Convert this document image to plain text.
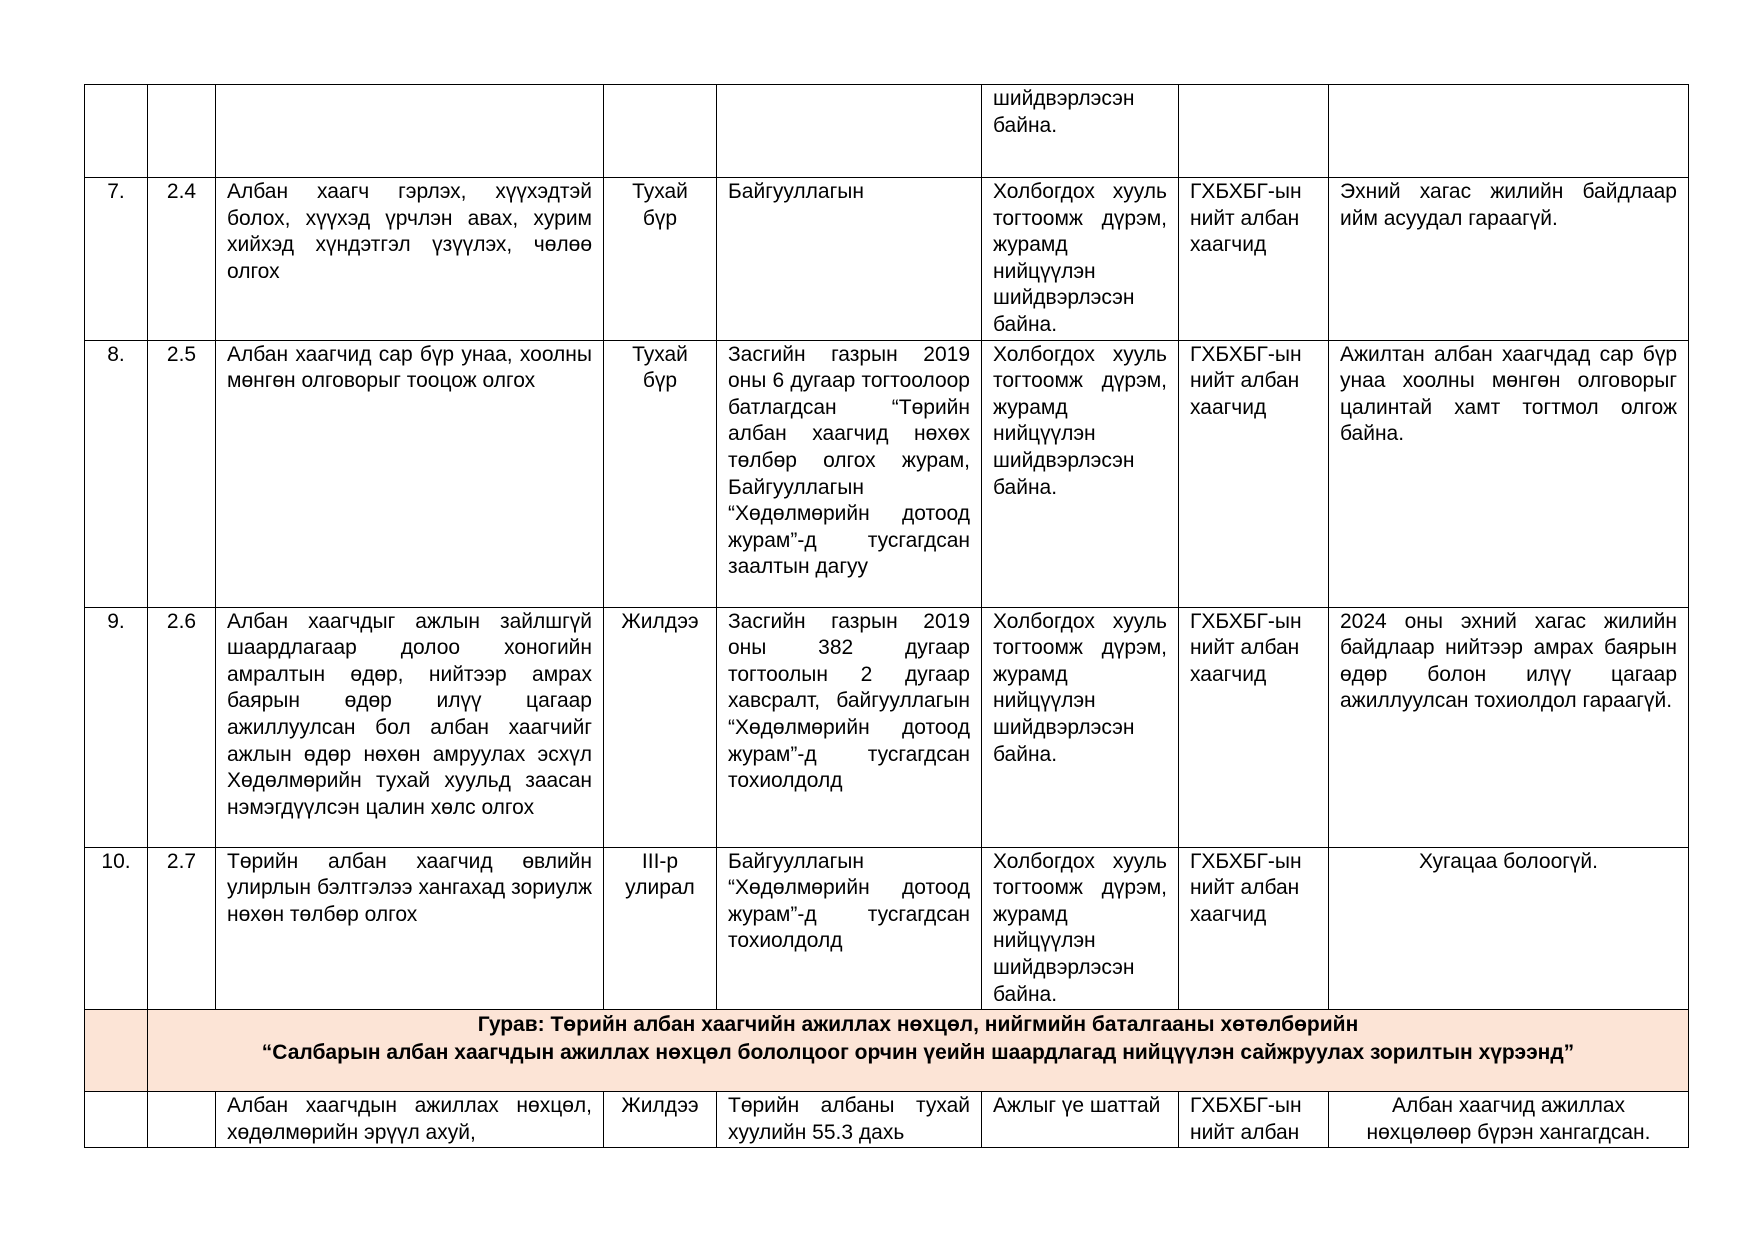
					шийдвэрлэсэн байна.		
7.	2.4	Албан хаагч гэрлэх, хүүхэдтэй болох, хүүхэд үрчлэн авах, хурим хийхэд хүндэтгэл үзүүлэх, чөлөө олгох	Тухай бүр	Байгууллагын	Холбогдох хууль тогтоомж дүрэм, журамд нийцүүлэн шийдвэрлэсэн байна.	ГХБХБГ-ын нийт албан хаагчид	Эхний хагас жилийн байдлаар ийм асуудал гараагүй.
8.	2.5	Албан хаагчид сар бүр унаа, хоолны мөнгөн олговорыг тооцож олгох	Тухай бүр	Засгийн газрын 2019 оны 6 дугаар тогтоолоор батлагдсан “Төрийн албан хаагчид нөхөх төлбөр олгох журам, Байгууллагын “Хөдөлмөрийн дотоод журам”-д тусгагдсан заалтын дагуу	Холбогдох хууль тогтоомж дүрэм, журамд нийцүүлэн шийдвэрлэсэн байна.	ГХБХБГ-ын нийт албан хаагчид	Ажилтан албан хаагчдад сар бүр унаа хоолны мөнгөн олговорыг цалинтай хамт тогтмол олгож байна.
9.	2.6	Албан хаагчдыг ажлын зайлшгүй шаардлагаар долоо хоногийн амралтын өдөр, нийтээр амрах баярын өдөр илүү цагаар ажиллуулсан бол албан хаагчийг ажлын өдөр нөхөн амруулах эсхүл Хөдөлмөрийн тухай хуульд заасан нэмэгдүүлсэн цалин хөлс олгох	Жилдээ	Засгийн газрын 2019 оны 382 дугаар тогтоолын 2 дугаар хавсралт, байгууллагын “Хөдөлмөрийн дотоод журам”-д тусгагдсан тохиолдолд	Холбогдох хууль тогтоомж дүрэм, журамд нийцүүлэн шийдвэрлэсэн байна.	ГХБХБГ-ын нийт албан хаагчид	2024 оны эхний хагас жилийн байдлаар нийтээр амрах баярын өдөр болон илүү цагаар ажиллуулсан тохиолдол гараагүй.
10.	2.7	Төрийн албан хаагчид өвлийн улирлын бэлтгэлээ хангахад зориулж нөхөн төлбөр олгох	III-р улирал	Байгууллагын “Хөдөлмөрийн дотоод журам”-д тусгагдсан тохиолдолд	Холбогдох хууль тогтоомж дүрэм, журамд нийцүүлэн шийдвэрлэсэн байна.	ГХБХБГ-ын нийт албан хаагчид	Хугацаа болоогүй.

	Гурав: Төрийн албан хаагчийн ажиллах нөхцөл, нийгмийн баталгааны хөтөлбөрийн
“Салбарын албан хаагчдын ажиллах нөхцөл бололцоог орчин үеийн шаардлагад нийцүүлэн сайжруулах зорилтын хүрээнд”						

		Албан хаагчдын ажиллах нөхцөл, хөдөлмөрийн эрүүл ахуй,	Жилдээ	Төрийн албаны тухай хуулийн 55.3 дахь	Ажлыг үе шаттай	ГХБХБГ-ын нийт албан	Албан хаагчид ажиллах нөхцөлөөр бүрэн хангагдсан.
